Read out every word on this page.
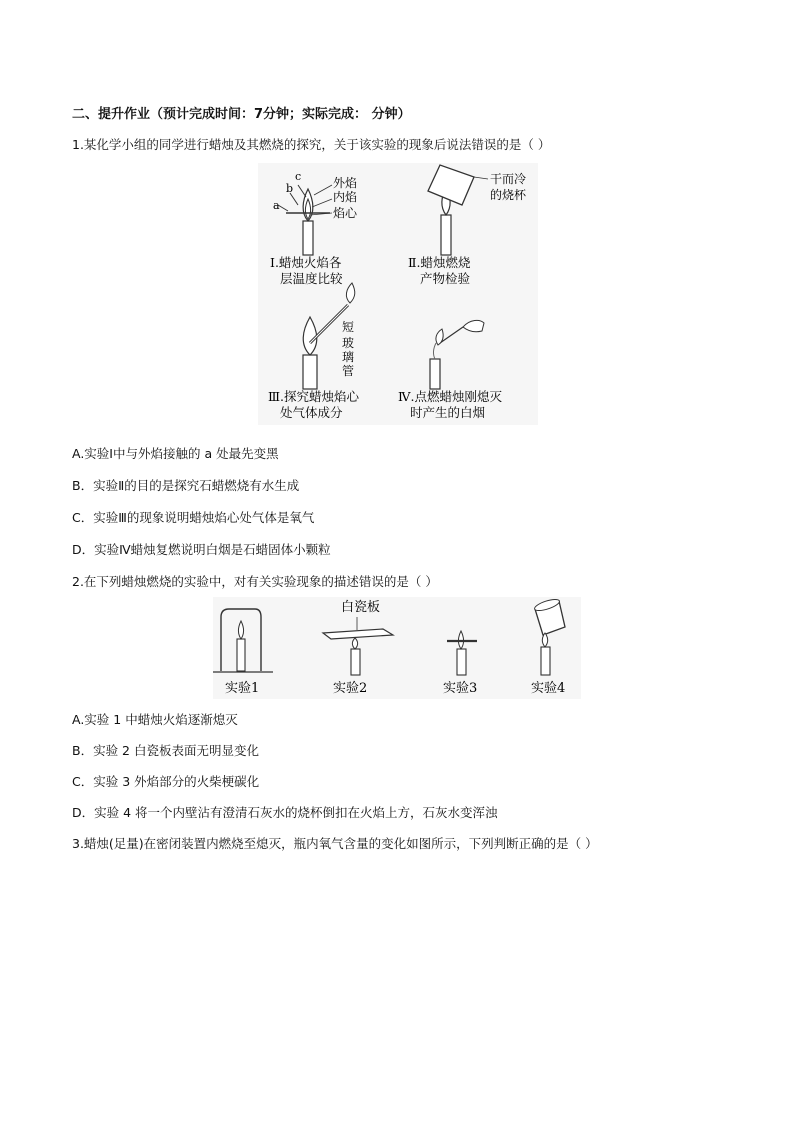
二、提升作业（预计完成时间：7分钟；实际完成： 分钟）
1.某化学小组的同学进行蜡烛及其燃烧的探究，关于该实验的现象后说法错误的是（ ）
c
b
a
外焰
内焰
焰心
Ⅰ.蜡烛火焰各
层温度比较
干而冷
的烧杯
Ⅱ.蜡烛燃烧
产物检验
短
玻
璃
管
Ⅲ.探究蜡烛焰心
处气体成分
Ⅳ.点燃蜡烛刚熄灭
时产生的白烟
A.实验Ⅰ中与外焰接触的 a 处最先变黑
B．实验Ⅱ的目的是探究石蜡燃烧有水生成
C．实验Ⅲ的现象说明蜡烛焰心处气体是氧气
D．实验Ⅳ蜡烛复燃说明白烟是石蜡固体小颗粒
2.在下列蜡烛燃烧的实验中，对有关实验现象的描述错误的是（ ）
实验1
白瓷板
实验2	实验3	实验4
A.实验 1 中蜡烛火焰逐渐熄灭
B．实验 2 白瓷板表面无明显变化
C．实验 3 外焰部分的火柴梗碳化
D．实验 4 将一个内壁沾有澄清石灰水的烧杯倒扣在火焰上方，石灰水变浑浊
3.蜡烛(足量)在密闭装置内燃烧至熄灭，瓶内氧气含量的变化如图所示，下列判断正确的是（ ）
